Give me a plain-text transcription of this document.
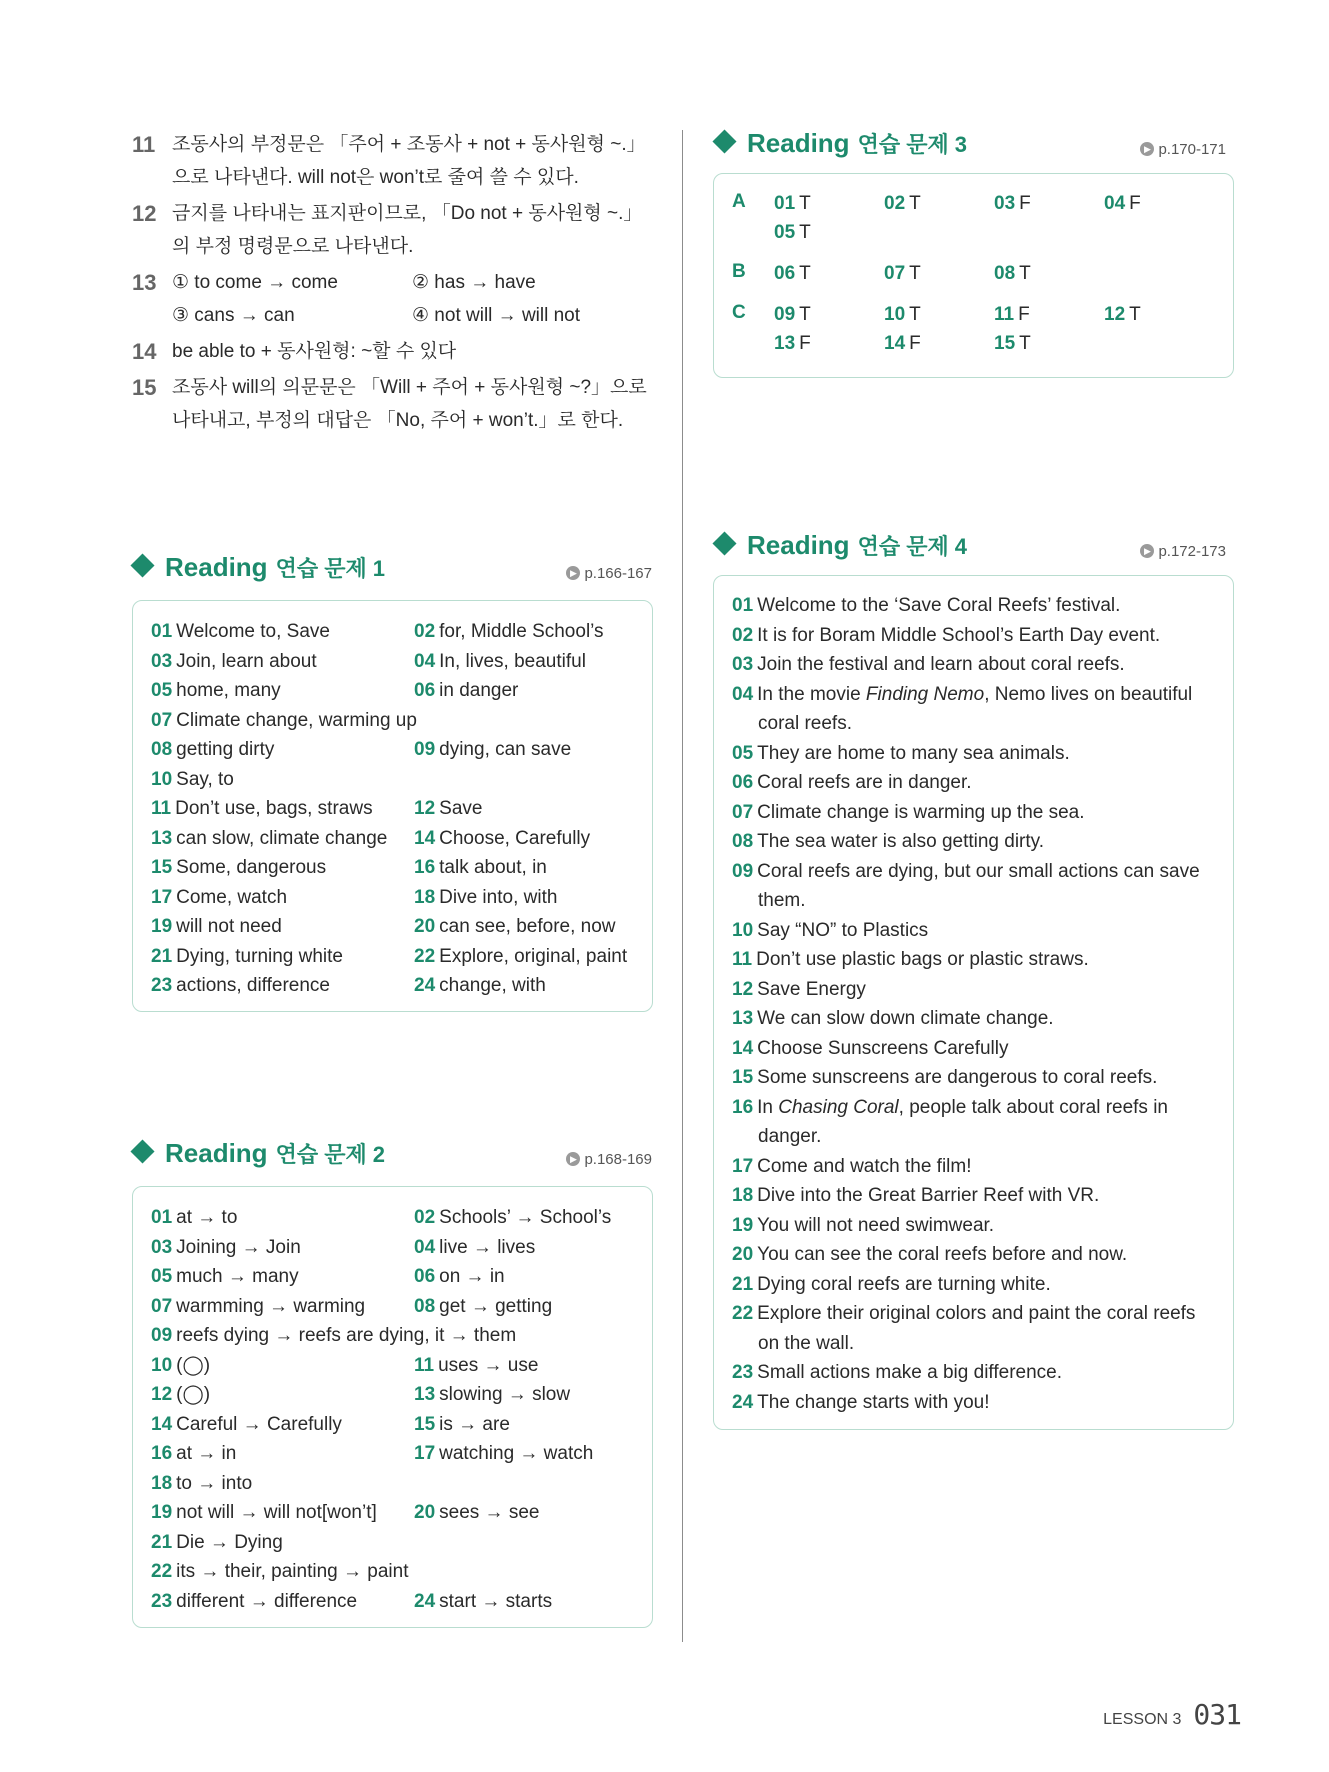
11 조동사의 부정문은 「주어 + 조동사 + not + 동사원형 ~.」으로 나타낸다. will not은 won’t로 줄여 쓸 수 있다.
12 금지를 나타내는 표지판이므로, 「Do not + 동사원형 ~.」의 부정 명령문으로 나타낸다.
13 ① to come → come	② has → have
③ cans → can	④ not will → will not
14 be able to + 동사원형: ~할 수 있다
15 조동사 will의 의문문은 「Will + 주어 + 동사원형 ~?」으로 나타내고, 부정의 대답은 「No, 주어 + won’t.」로 한다.
Reading 연습 문제 1	▶ p.166-167
01 Welcome to, Save	02 for, Middle School’s
03 Join, learn about	04 In, lives, beautiful
05 home, many	06 in danger
07 Climate change, warming up
08 getting dirty	09 dying, can save
10 Say, to
11 Don’t use, bags, straws	12 Save
13 can slow, climate change	14 Choose, Carefully
15 Some, dangerous	16 talk about, in
17 Come, watch	18 Dive into, with
19 will not need	20 can see, before, now
21 Dying, turning white	22 Explore, original, paint
23 actions, difference	24 change, with
Reading 연습 문제 2	▶ p.168-169
01 at → to	02 Schools’ → School’s
03 Joining → Join	04 live → lives
05 much → many	06 on → in
07 warmming → warming	08 get → getting
09 reefs dying → reefs are dying, it → them
10 (◯)	11 uses → use
12 (◯)	13 slowing → slow
14 Careful → Carefully	15 is → are
16 at → in	17 watching → watch
18 to → into
19 not will → will not[won’t]	20 sees → see
21 Die → Dying
22 its → their, painting → paint
23 different → difference	24 start → starts
Reading 연습 문제 3	▶ p.170-171
A	01 T	02 T	03 F	04 F
05 T
B	06 T	07 T	08 T
C	09 T	10 T	11 F	12 T
13 F	14 F	15 T
Reading 연습 문제 4	▶ p.172-173
01 Welcome to the ‘Save Coral Reefs’ festival.
02 It is for Boram Middle School’s Earth Day event.
03 Join the festival and learn about coral reefs.
04 In the movie Finding Nemo, Nemo lives on beautiful coral reefs.
05 They are home to many sea animals.
06 Coral reefs are in danger.
07 Climate change is warming up the sea.
08 The sea water is also getting dirty.
09 Coral reefs are dying, but our small actions can save them.
10 Say “NO” to Plastics
11 Don’t use plastic bags or plastic straws.
12 Save Energy
13 We can slow down climate change.
14 Choose Sunscreens Carefully
15 Some sunscreens are dangerous to coral reefs.
16 In Chasing Coral, people talk about coral reefs in danger.
17 Come and watch the film!
18 Dive into the Great Barrier Reef with VR.
19 You will not need swimwear.
20 You can see the coral reefs before and now.
21 Dying coral reefs are turning white.
22 Explore their original colors and paint the coral reefs on the wall.
23 Small actions make a big difference.
24 The change starts with you!
LESSON 3 031
